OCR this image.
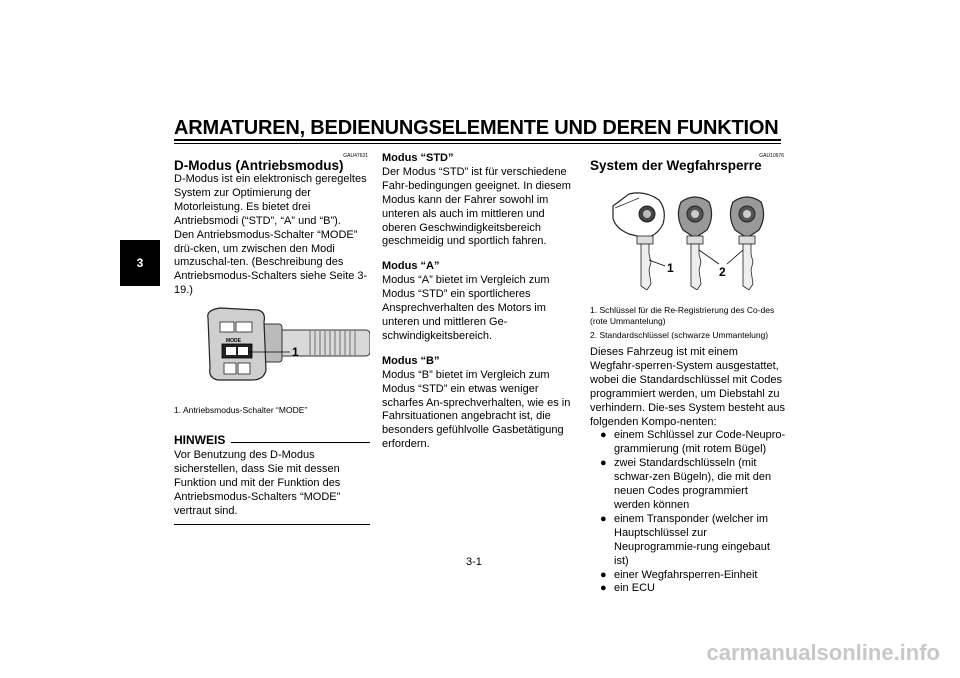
ARMATUREN, BEDIENUNGSELEMENTE UND DEREN FUNKTION
3
GAU47631
D-Modus (Antriebsmodus)
D-Modus ist ein elektronisch geregeltes System zur Optimierung der Motorleistung. Es bietet drei Antriebsmodi (“STD”, “A” und “B”).
Den Antriebsmodus-Schalter “MODE” drü-cken, um zwischen den Modi umzuschal-ten. (Beschreibung des Antriebsmodus-Schalters siehe Seite 3-19.)
MODE
1
1. Antriebsmodus-Schalter “MODE”
HINWEIS
Vor Benutzung des D-Modus sicherstellen, dass Sie mit dessen Funktion und mit der Funktion des Antriebsmodus-Schalters “MODE” vertraut sind.
Modus “STD”
Der Modus “STD” ist für verschiedene Fahr-bedingungen geeignet. In diesem Modus kann der Fahrer sowohl im unteren als auch im mittleren und oberen Geschwindigkeitsbereich geschmeidig und sportlich fahren.
Modus “A”
Modus “A” bietet im Vergleich zum Modus “STD” ein sportlicheres Ansprechverhalten des Motors im unteren und mittleren Ge-schwindigkeitsbereich.
Modus “B”
Modus “B” bietet im Vergleich zum Modus “STD” ein etwas weniger scharfes An-sprechverhalten, wie es in Fahrsituationen angebracht ist, die besonders gefühlvolle Gasbetätigung erfordern.
GAU10976
System der Wegfahrsperre
1	2
1. Schlüssel für die Re-Registrierung des Co-des (rote Ummantelung)
2. Standardschlüssel (schwarze Ummantelung)
Dieses Fahrzeug ist mit einem Wegfahr-sperren-System ausgestattet, wobei die Standardschlüssel mit Codes programmiert werden, um Diebstahl zu verhindern. Die-ses System besteht aus folgenden Kompo-nenten:
● einem Schlüssel zur Code-Neupro-grammierung (mit rotem Bügel)
● zwei Standardschlüsseln (mit schwar-zen Bügeln), die mit den neuen Codes programmiert werden können
● einem Transponder (welcher im Hauptschlüssel zur Neuprogrammie-rung eingebaut ist)
● einer Wegfahrsperren-Einheit
● ein ECU
3-1
carmanualsonline.info
